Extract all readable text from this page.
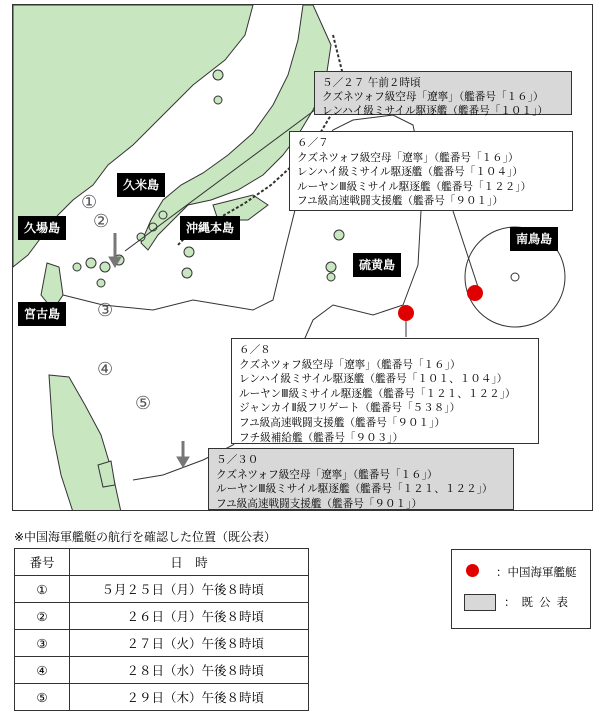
久米島
久場島	沖縄本島
宮古島
硫黄島
南鳥島
①
②
③
④
⑤
５／２７ 午前２時頃
クズネツォフ級空母「遼寧」（艦番号「１６」）
レンハイ級ミサイル駆逐艦（艦番号「１０１」）
６／７
クズネツォフ級空母「遼寧」（艦番号「１６」）
レンハイ級ミサイル駆逐艦（艦番号「１０４」）
ルーヤンⅢ級ミサイル駆逐艦（艦番号「１２２」）
フユ級高速戦闘支援艦（艦番号「９０１」）
６／８
クズネツォフ級空母「遼寧」（艦番号「１６」）
レンハイ級ミサイル駆逐艦（艦番号「１０１、１０４」）
ルーヤンⅢ級ミサイル駆逐艦（艦番号「１２１、１２２」）
ジャンカイⅡ級フリゲート（艦番号「５３８」）
フユ級高速戦闘支援艦（艦番号「９０１」）
フチ級補給艦（艦番号「９０３」）
５／３０
クズネツォフ級空母「遼寧」（艦番号「１６」）
ルーヤンⅢ級ミサイル駆逐艦（艦番号「１２１、１２２」）
フユ級高速戦闘支援艦（艦番号「９０１」）
※中国海軍艦艇の航行を確認した位置（既公表）
番号	日　時
①	５月２５日（月）午後８時頃
②	２６日（月）午後８時頃
③	２７日（火）午後８時頃
④	２８日（水）午後８時頃
⑤	２９日（木）午後８時頃
：中国海軍艦艇
：既公表
